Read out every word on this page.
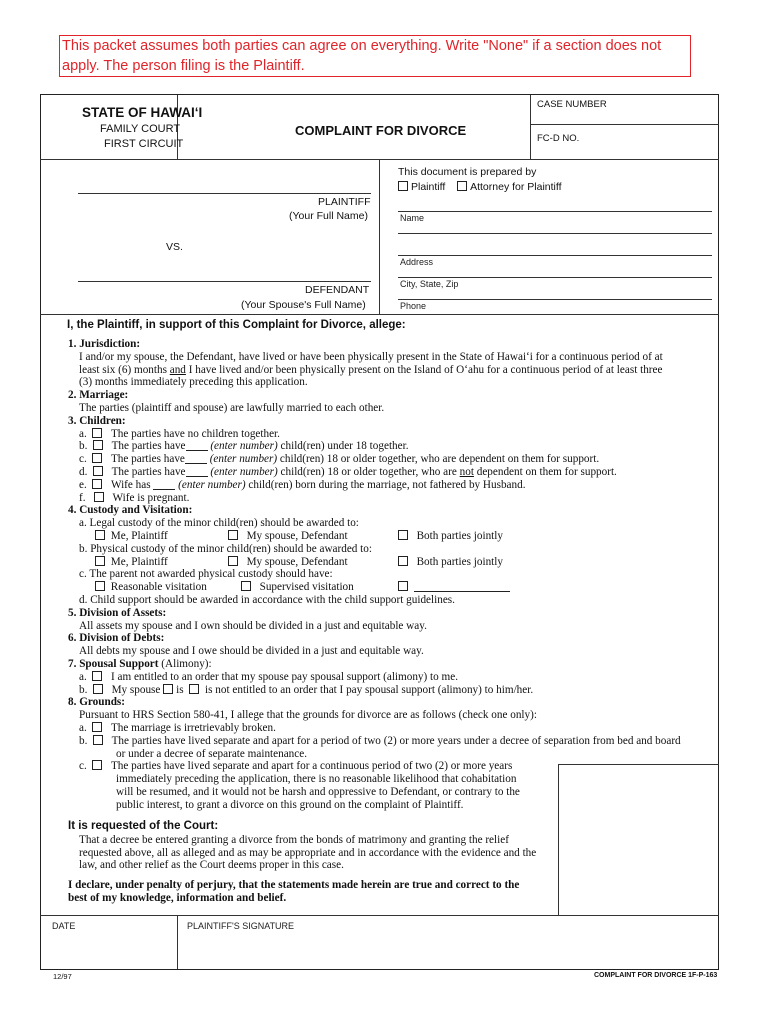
This packet assumes both parties can agree on everything. Write "None" if a section does not apply. The person filing is the Plaintiff.
STATE OF HAWAI‘I
FAMILY COURT
FIRST CIRCUIT
COMPLAINT FOR DIVORCE
CASE NUMBER
FC-D NO.
PLAINTIFF
(Your Full Name)
VS.
DEFENDANT
(Your Spouse's Full Name)
This document is prepared by
Plaintiff Attorney for Plaintiff
Name
Address
City, State, Zip
Phone
I, the Plaintiff, in support of this Complaint for Divorce, allege:
1. Jurisdiction:
I and/or my spouse, the Defendant, have lived or have been physically present in the State of Hawai‘i for a continuous period of at
least six (6) months and I have lived and/or been physically present on the Island of O‘ahu for a continuous period of at least three
(3) months immediately preceding this application.
2. Marriage:
The parties (plaintiff and spouse) are lawfully married to each other.
3. Children:
a.    The parties have no children together.
b.    The parties have (enter number) child(ren) under 18 together.
c.    The parties have (enter number) child(ren) 18 or older together, who are dependent on them for support.
d.    The parties have (enter number) child(ren) 18 or older together, who are not dependent on them for support.
e.    Wife has (enter number) child(ren) born during the marriage, not fathered by Husband.
f.     Wife is pregnant.
4. Custody and Visitation:
a. Legal custody of the minor child(ren) should be awarded to:
Me, Plaintiff	My spouse, Defendant	Both parties jointly
b. Physical custody of the minor child(ren) should be awarded to:
Me, Plaintiff	My spouse, Defendant	Both parties jointly
c. The parent not awarded physical custody should have:
Reasonable visitation	Supervised visitation

d. Child support should be awarded in accordance with the child support guidelines.
5. Division of Assets:
All assets my spouse and I own should be divided in a just and equitable way.
6. Division of Debts:
All debts my spouse and I owe should be divided in a just and equitable way.
7. Spousal Support (Alimony):
a.    I am entitled to an order that my spouse pay spousal support (alimony) to me.
b.    My spouse is is not entitled to an order that I pay spousal support (alimony) to him/her.
8. Grounds:
Pursuant to HRS Section 580-41, I allege that the grounds for divorce are as follows (check one only):
a.    The marriage is irretrievably broken.
b.    The parties have lived separate and apart for a period of two (2) or more years under a decree of separation from bed and board
or under a decree of separate maintenance.
c.    The parties have lived separate and apart for a continuous period of two (2) or more years
immediately preceding the application, there is no reasonable likelihood that cohabitation
will be resumed, and it would not be harsh and oppressive to Defendant, or contrary to the
public interest, to grant a divorce on this ground on the complaint of Plaintiff.
It is requested of the Court:
That a decree be entered granting a divorce from the bonds of matrimony and granting the relief
requested above, all as alleged and as may be appropriate and in accordance with the evidence and the
law, and other relief as the Court deems proper in this case.
I declare, under penalty of perjury, that the statements made herein are true and correct to the
best of my knowledge, information and belief.
DATE	PLAINTIFF'S SIGNATURE
12/97	COMPLAINT FOR DIVORCE 1F-P-163
